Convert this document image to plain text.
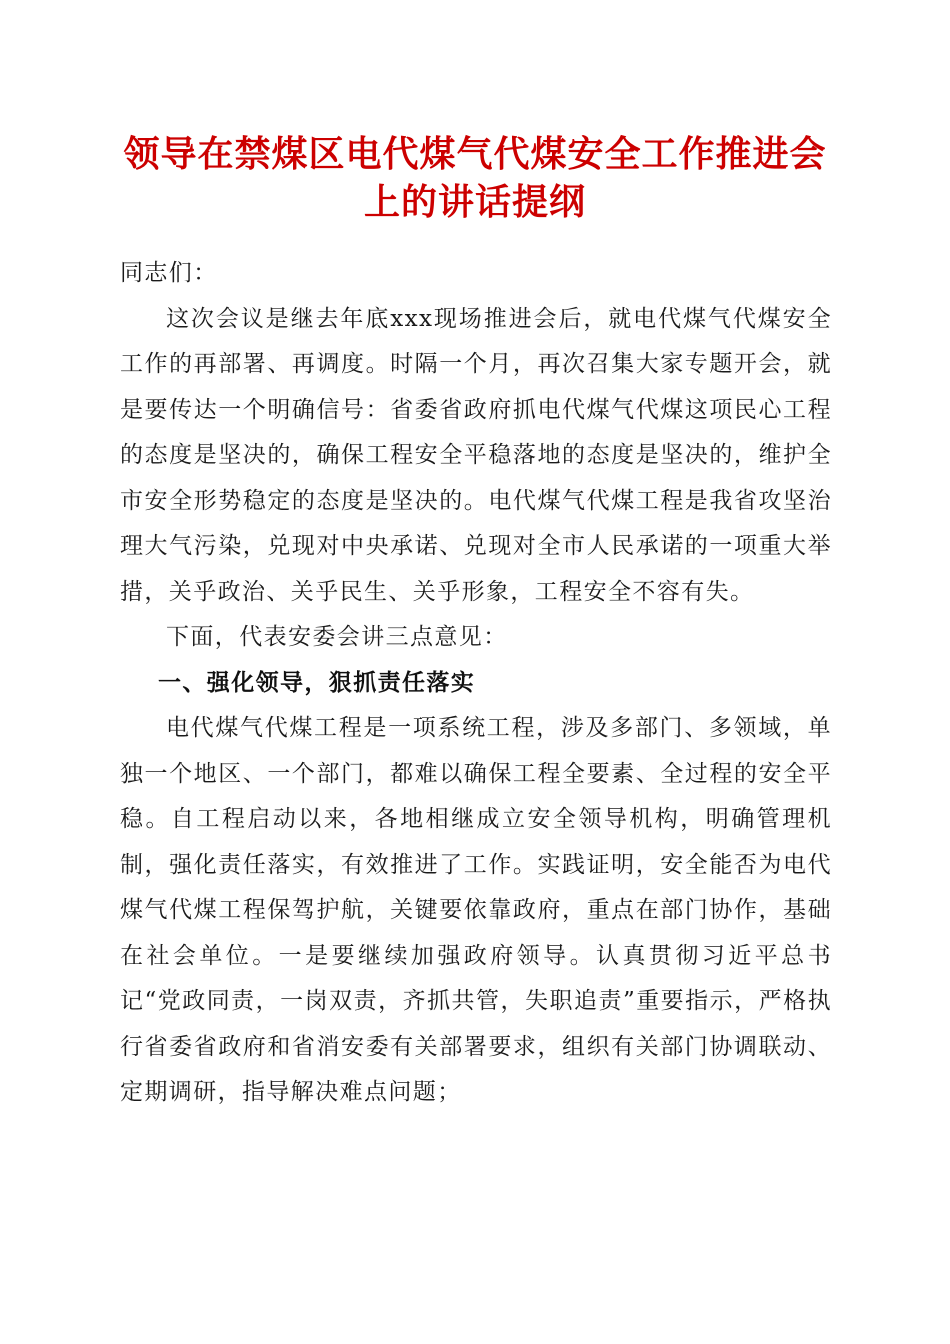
领导在禁煤区电代煤气代煤安全工作推进会上的讲话提纲

同志们：

这次会议是继去年底xxx现场推进会后，就电代煤气代煤安全工作的再部署、再调度。时隔一个月，再次召集大家专题开会，就是要传达一个明确信号：省委省政府抓电代煤气代煤这项民心工程的态度是坚决的，确保工程安全平稳落地的态度是坚决的，维护全市安全形势稳定的态度是坚决的。电代煤气代煤工程是我省攻坚治理大气污染，兑现对中央承诺、兑现对全市人民承诺的一项重大举措，关乎政治、关乎民生、关乎形象，工程安全不容有失。

下面，代表安委会讲三点意见：

一、强化领导，狠抓责任落实

电代煤气代煤工程是一项系统工程，涉及多部门、多领域，单独一个地区、一个部门，都难以确保工程全要素、全过程的安全平稳。自工程启动以来，各地相继成立安全领导机构，明确管理机制，强化责任落实，有效推进了工作。实践证明，安全能否为电代煤气代煤工程保驾护航，关键要依靠政府，重点在部门协作，基础在社会单位。一是要继续加强政府领导。认真贯彻习近平总书记“党政同责，一岗双责，齐抓共管，失职追责”重要指示，严格执行省委省政府和省消安委有关部署要求，组织有关部门协调联动、定期调研，指导解决难点问题；
